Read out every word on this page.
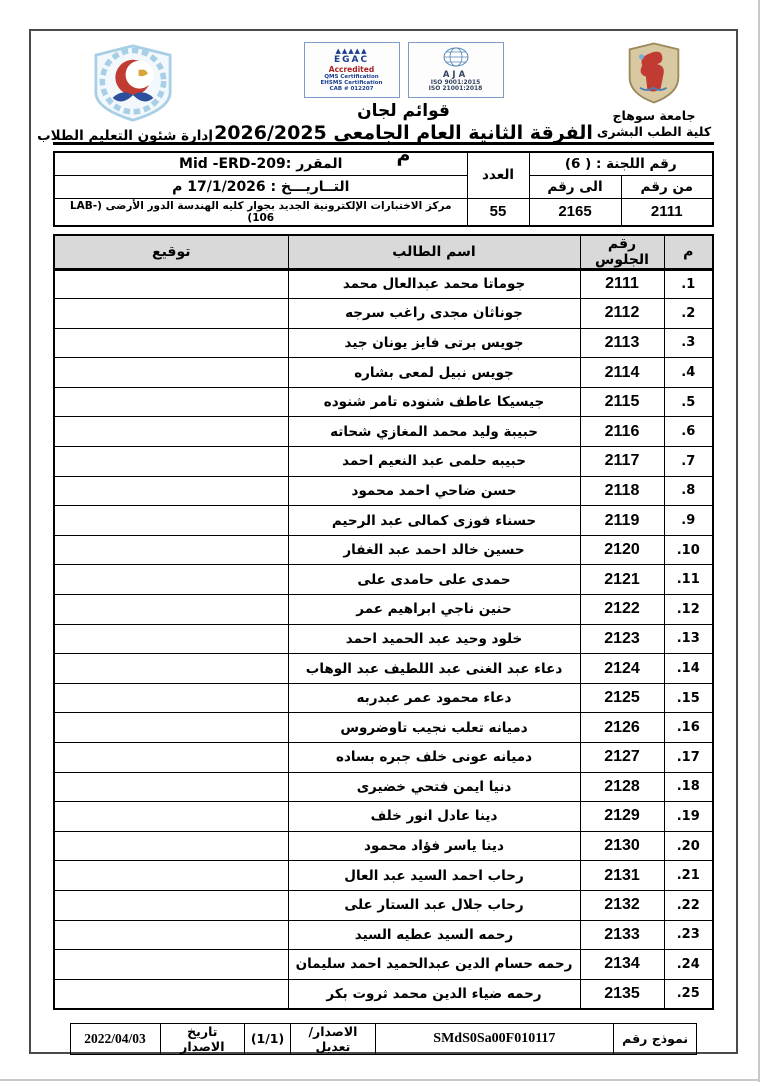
جامعة سوهاج
كلية الطب البشرى
▲▲▲▲▲
EGAC
Accredited
QMS Certification
EHSMS Certification
CAB # 012207
AJA
ISO 9001:2015
ISO 21001:2018
قوائم لجان
الفرقة الثانية العام الجامعي 2026/2025 م
إدارة شئون التعليم الطلاب
رقم اللجنة : ( 6)		العدد	المقرر :Mid -ERD-209
من رقم	الى رقم		التــاريـــخ : 17/1/2026 م
2111	2165	55	مركز الاختبارات الإلكترونية الجديد بجوار كليه الهندسة الدور الأرضى (LAB-106)
م	رقم الجلوس	اسم الطالب	توقيع
1.	2111	جوماتا محمد عبدالعال محمد	
2.	2112	جوناثان مجدى راغب سرجه	
3.	2113	جويس برتى فايز يونان جيد	
4.	2114	جويس نبيل لمعى بشاره	
5.	2115	جيسيكا عاطف شنوده تامر شنوده	
6.	2116	حبيبة وليد محمد المغازي شحاته	
7.	2117	حبيبه حلمى عبد النعيم احمد	
8.	2118	حسن ضاحي احمد محمود	
9.	2119	حسناء فوزى كمالى عبد الرحيم	
10.	2120	حسين خالد احمد عبد الغفار	
11.	2121	حمدى على حامدى على	
12.	2122	حنين ناجي ابراهيم عمر	
13.	2123	خلود وحيد عبد الحميد احمد	
14.	2124	دعاء عبد الغنى عبد اللطيف عبد الوهاب	
15.	2125	دعاء محمود عمر عبدربه	
16.	2126	دميانه تعلب نجيب تاوضروس	
17.	2127	دميانه عونى خلف جبره بساده	
18.	2128	دنيا ايمن فتحي خضيرى	
19.	2129	دينا عادل انور خلف	
20.	2130	دينا ياسر فؤاد محمود	
21.	2131	رحاب احمد السيد عبد العال	
22.	2132	رحاب جلال عبد الستار على	
23.	2133	رحمه السيد عطيه السيد	
24.	2134	رحمه حسام الدين عبدالحميد احمد سليمان	
25.	2135	رحمه ضياء الدين محمد ثروت بكر	
نموذج رقم	SMdS0Sa00F010117	الاصدار/تعديل	(1/1)	تاريخ الاصدار	2022/04/03
